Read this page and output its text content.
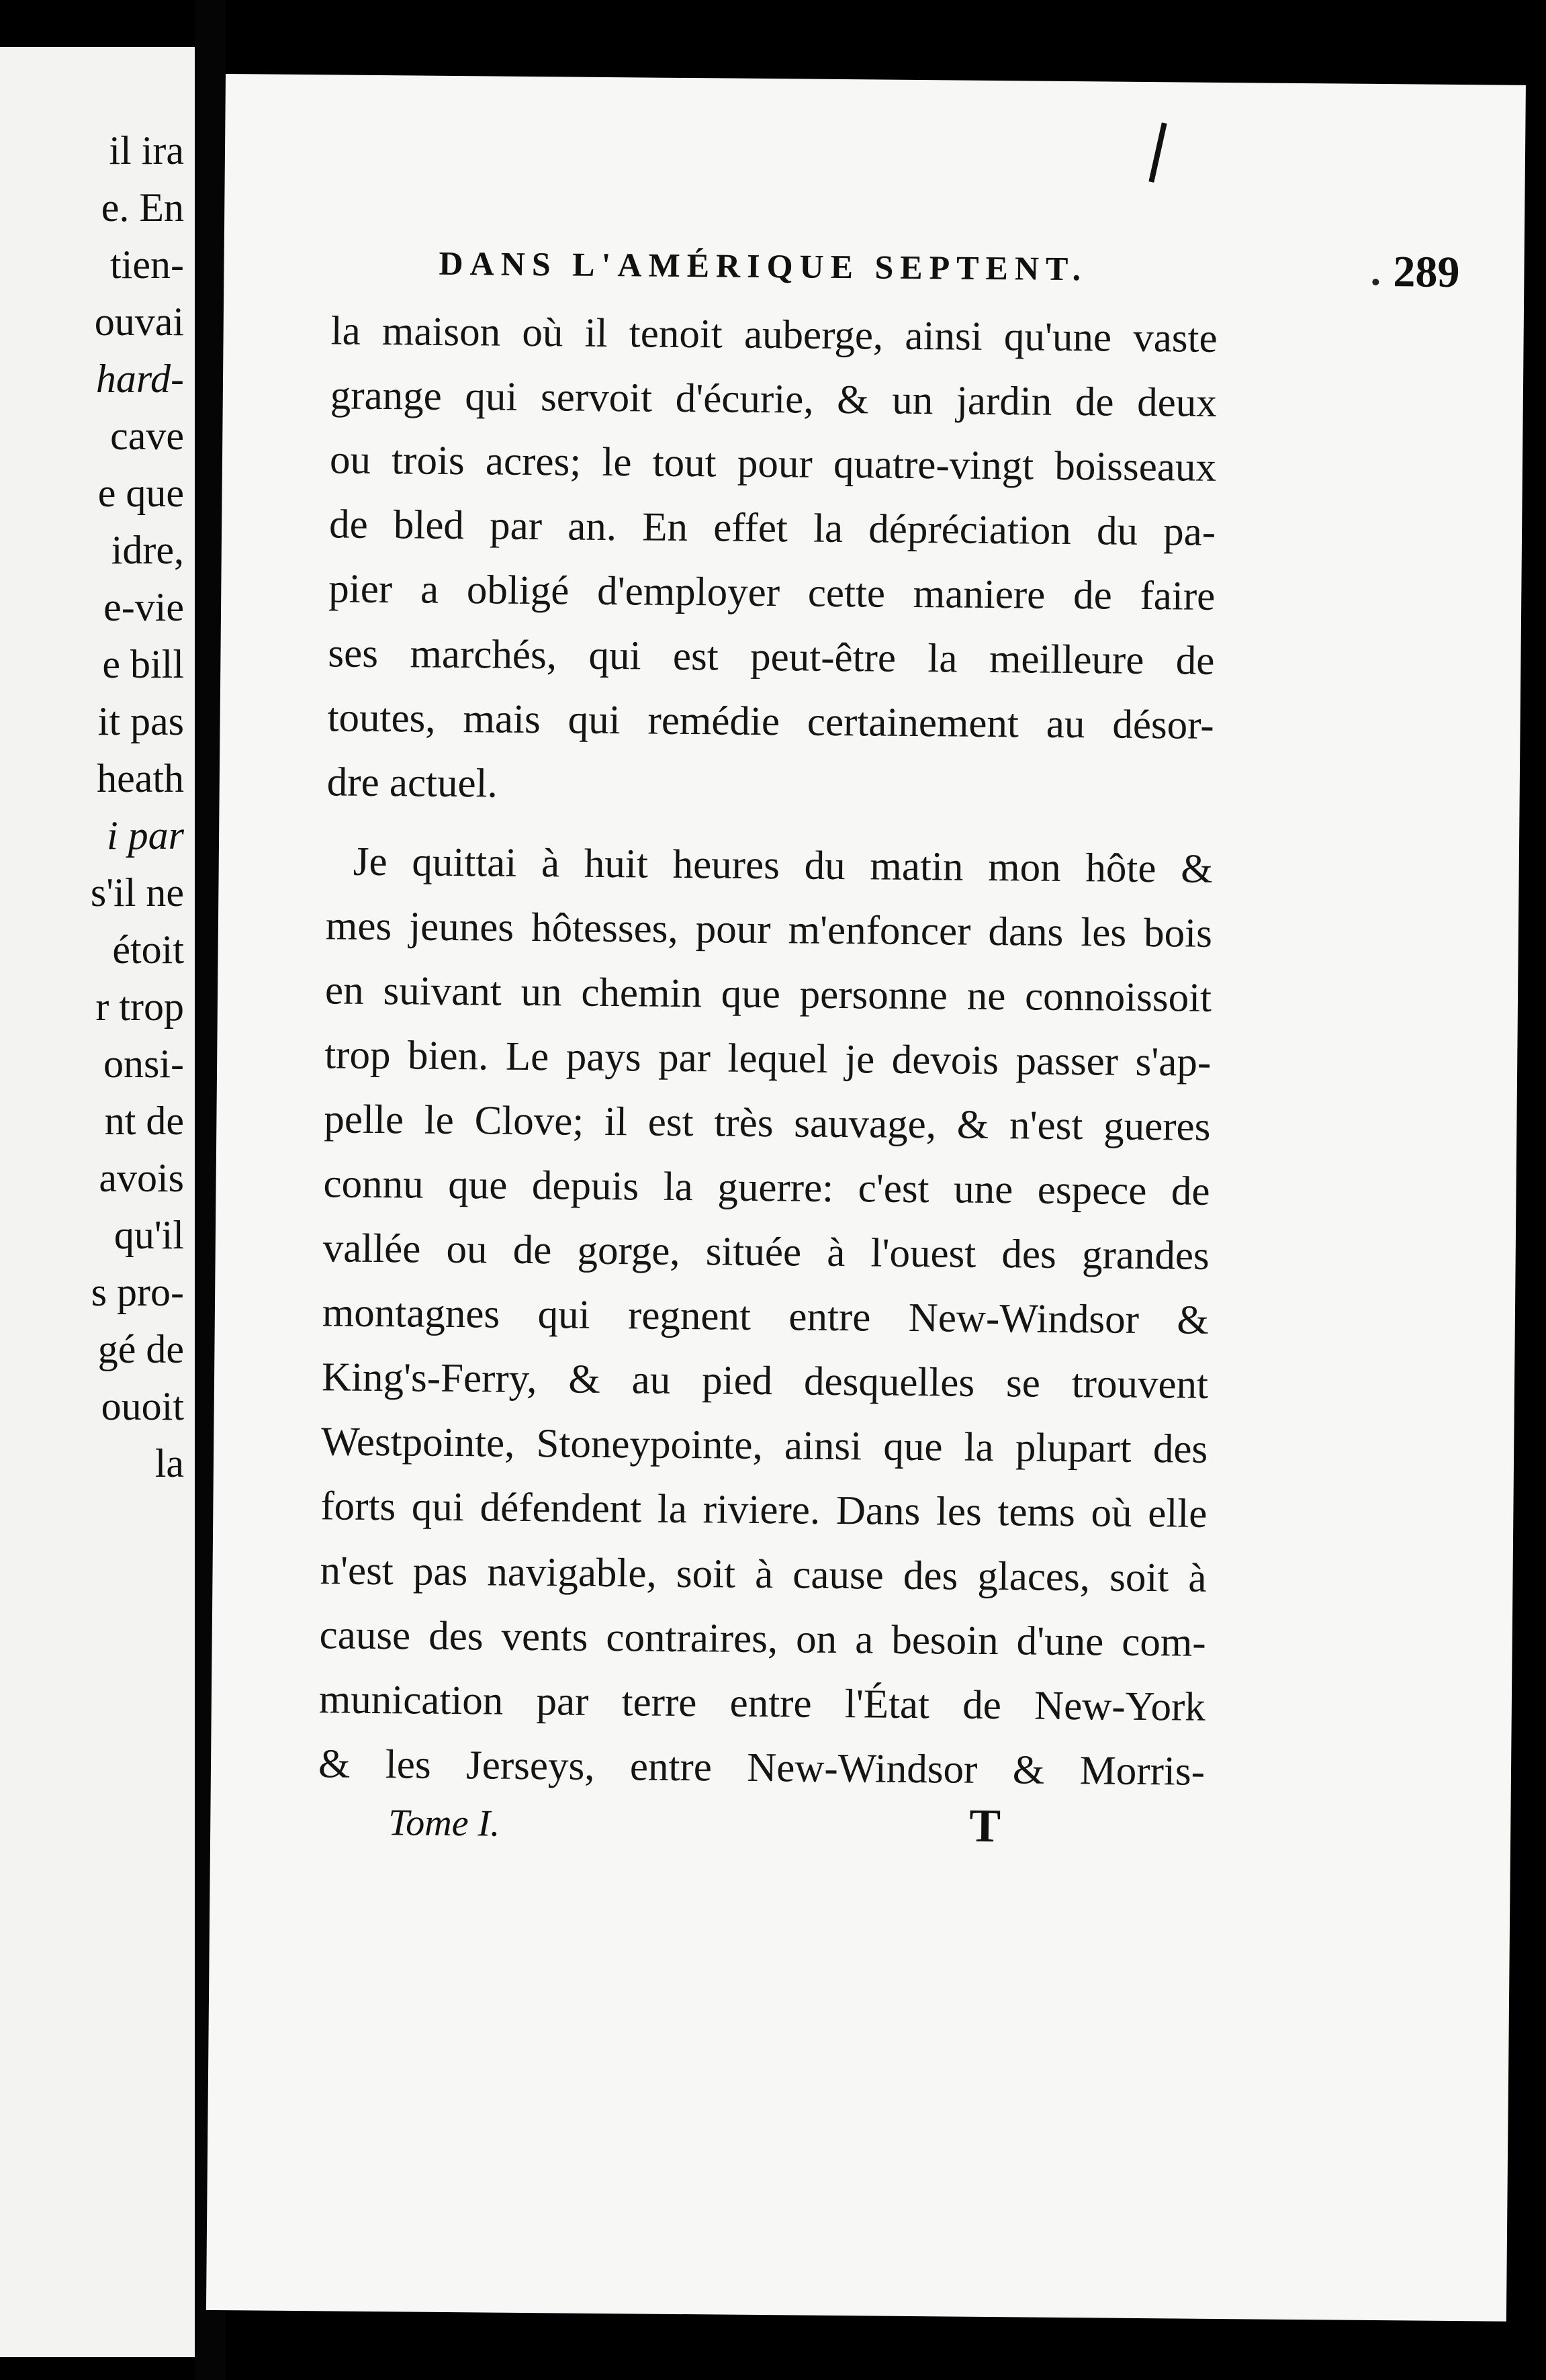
il ira
e. En
tien-
ouvai
hard-
cave
e que
idre,
e-vie
e bill
it pas
heath
i par
s'il ne
étoit
r trop
onsi-
nt de
avois
qu'il
s pro-
gé de
ouoit
la
DANS L'AMÉRIQUE SEPTENT.	289
la maison où il tenoit auberge, ainsi qu'une vaste
grange qui servoit d'écurie, & un jardin de deux
ou trois acres; le tout pour quatre-vingt boisseaux
de bled par an. En effet la dépréciation du pa-
pier a obligé d'employer cette maniere de faire
ses marchés, qui est peut-être la meilleure de
toutes, mais qui remédie certainement au désor-
dre actuel.
Je quittai à huit heures du matin mon hôte &
mes jeunes hôtesses, pour m'enfoncer dans les bois
en suivant un chemin que personne ne connoissoit
trop bien. Le pays par lequel je devois passer s'ap-
pelle le Clove; il est très sauvage, & n'est gueres
connu que depuis la guerre: c'est une espece de
vallée ou de gorge, située à l'ouest des grandes
montagnes qui regnent entre New-Windsor &
King's-Ferry, & au pied desquelles se trouvent
Westpointe, Stoneypointe, ainsi que la plupart des
forts qui défendent la riviere. Dans les tems où elle
n'est pas navigable, soit à cause des glaces, soit à
cause des vents contraires, on a besoin d'une com-
munication par terre entre l'État de New-York
& les Jerseys, entre New-Windsor & Morris-
Tome I.	T
